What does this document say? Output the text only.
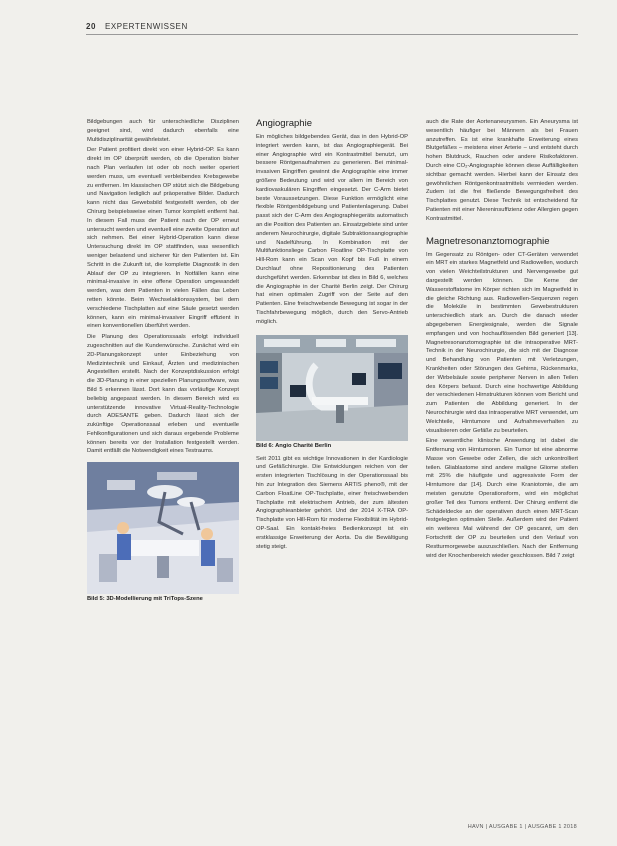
20 EXPERTENWISSEN

Bildgebungen auch für unterschiedliche Disziplinen geeignet sind, wird dadurch ebenfalls eine Multidisziplinarität gewährleistet.

Der Patient profitiert direkt von einer Hybrid-OP. Es kann direkt im OP überprüft werden, ob die Operation bisher nach Plan verlaufen ist oder ob noch weiter operiert werden muss, um eventuell verbleibendes Krebsgewebe zu entfernen. Im klassischen OP stützt sich die Bildgebung und Navigation lediglich auf präoperative Bilder. Dadurch kann nicht das Gewebsbild festgestellt werden, ob der Chirurg beispielsweise einen Tumor komplett entfernt hat. In diesem Fall muss der Patient nach der OP erneut untersucht werden und eventuell eine zweite Operation auf sich nehmen. Bei einer Hybrid-Operation kann diese Untersuchung direkt im OP stattfinden, was wesentlich weniger belastend und sicherer für den Patienten ist. Ein Schritt in die Zukunft ist, die komplette Diagnostik in den Ablauf der OP zu integrieren. In Notfällen kann eine minimal-invasive in eine offene Operation umgewandelt werden, was dem Patienten in vielen Fällen das Leben retten könnte. Beim Wechselaktionssystem, bei dem verschiedene Tischplatten auf eine Säule gesetzt werden können, kann ein minimal-invasiver Eingriff effizient in einen konventionellen überführt werden.

Die Planung des Operationssaals erfolgt individuell zugeschnitten auf die Kundenwünsche. Zunächst wird ein 2D-Planungskonzept unter Einbeziehung von Medizintechnik und Einkauf, Ärzten und medizinischen Angestellten erstellt. Nach der Konzeptdiskussion erfolgt die 3D-Planung in einer speziellen Planungssoftware, was Bild 5 erkennen lässt. Dort kann das vorläufige Konzept beliebig angepasst werden. In diesem Bereich wird es unterstützende innovative Virtual-Reality-Technologie durch ADESANTE geben. Dadurch lässt sich der zukünftige Operationssaal erleben und eventuelle Fehlkonfigurationen und sich daraus ergebende Probleme können bereits vor der Installation festgestellt werden. Damit entfällt die Notwendigkeit eines Testraums.

Bild 5: 3D-Modellierung mit TriTops-Szene
Angiographie

Ein mögliches bildgebendes Gerät, das in den Hybrid-OP integriert werden kann, ist das Angiographiegerät. Bei einer Angiographie wird ein Kontrastmittel benutzt, um bessere Röntgenaufnahmen zu generieren. Bei minimal-invasiven Eingriffen gewinnt die Angiographie eine immer größere Bedeutung und wird vor allem im Bereich von kardiovaskulären Eingriffen eingesetzt. Der C-Arm bietet beste Voraussetzungen. Diese Funktion ermöglicht eine flexible Röntgenbildgebung und Patientenlagerung. Dabei passt sich der C-Arm des Angiographiegeräts automatisch an die Position des Patienten an. Einsatzgebiete sind unter anderem Neurochirurgie, digitale Subtraktionsangiographie und Nadelführung. In Kombination mit der Multifunktionsliege Carbon Floatline OP-Tischplatte von Hill-Rom kann ein Scan von Kopf bis Fuß in einem Durchlauf ohne Repositionierung des Patienten durchgeführt werden. Erkennbar ist dies in Bild 6, welches die Angiographie in der Charité Berlin zeigt. Der Chirurg hat einen optimalen Zugriff von der Seite auf den Patienten. Eine freischwebende Bewegung ist sogar in der Tischfahrbewegung möglich, durch den Servo-Antrieb möglich.

Bild 6: Angio Charité Berlin

Seit 2011 gibt es wichtige Innovationen in der Kardiologie und Gefäßchirurgie. Die Entwicklungen reichen von der ersten integrierten Tischlösung in der Operationssaal bis hin zur Integration des Siemens ARTIS pheno®, mit der Carbon FloatLine OP-Tischplatte, einer freischwebenden Tischplatte mit elektrischem Antrieb, der zum ältesten Angiographieanbieter gehört. Und der 2014 X-TRA OP-Tischplatte von Hill-Rom für moderne Flexibilität im Hybrid-OP-Saal. Ein kontakt-freies Bedienkonzept ist ein erstklassige Erweiterung der Aorta. Da die Bewältigung stetig steigt.

auch die Rate der Aortenaneurysmen. Ein Aneurysma ist wesentlich häufiger bei Männern als bei Frauen anzutreffen. Es ist eine krankhafte Erweiterung eines Blutgefäßes – meistens einer Arterie – und entsteht durch hohen Blutdruck, Rauchen oder andere Risikofaktoren. Durch eine CO₂-Angiographie können diese Auffälligkeiten sichtbar gemacht werden. Hierbei kann der Einsatz des gewöhnlichen Röntgenkontrastmittels vermieden werden. Zudem ist die frei fließende Bewegungsfreiheit des Tischplattes genutzt. Diese Technik ist entscheidend für Patienten mit einer Niereninsuffizienz oder Allergien gegen Kontrastmittel.

Magnetresonanztomographie

Im Gegensatz zu Röntgen- oder CT-Geräten verwendet ein MRT ein starkes Magnetfeld und Radiowellen, wodurch von vielen Weichteilstrukturen und Nervengewebe gut dargestellt werden können. Die Kerne der Wasserstoffatome im Körper richten sich im Magnetfeld in die gleiche Richtung aus. Radiowellen-Sequenzen regen die Moleküle in bestimmten Gewebestrukturen unterschiedlich stark an. Durch die danach wieder abgegebenen Energiesignale, werden die Signale empfangen und von hochauflösenden Bild generiert [13]. Magnetresonanztomographie ist die intraoperative MRT-Technik in der Neurochirurgie, die sich mit der Diagnose und Behandlung von Patienten mit Verletzungen, Krankheiten oder Störungen des Gehirns, Rückenmarks, der Wirbelsäule sowie peripherer Nerven in allen Teilen des Körpers befasst. Durch eine hochwertige Abbildung der verschiedenen Hirnstrukturen können vom Bericht und zum Patienten die Abbildung generiert. In der Neurochirurgie wird das intraoperative MRT verwendet, um Weichteile, Hirntumore und Aufnahmeverhalten zu visualisieren oder Gefäße zu beurteilen.

Eine wesentliche klinische Anwendung ist dabei die Entfernung von Hirntumoren. Ein Tumor ist eine abnorme Masse von Gewebe oder Zellen, die sich unkontrolliert teilen. Gliablastome sind andere maligne Gliome stellen mit 25% die häufigste und aggressivste Form der Hirntumore dar [14]. Durch eine Kraniotomie, die am meisten genutzte Operationsform, wird ein möglichst großer Teil des Tumors entfernt. Der Chirurg entfernt die Schädeldecke an der operativen durch einen MRT-Scan festgelegten optimalen Stelle. Außerdem wird der Patient ein weiteres Mal während der OP gescannt, um den Fortschritt der OP zu beurteilen und den Verlauf von Restturmorgewebe auszuschließen. Nach der Entfernung wird der Knochenbereich wieder geschlossen. Bild 7 zeigt

HAVN | AUSGABE 1 | AUSGABE 1 2018
